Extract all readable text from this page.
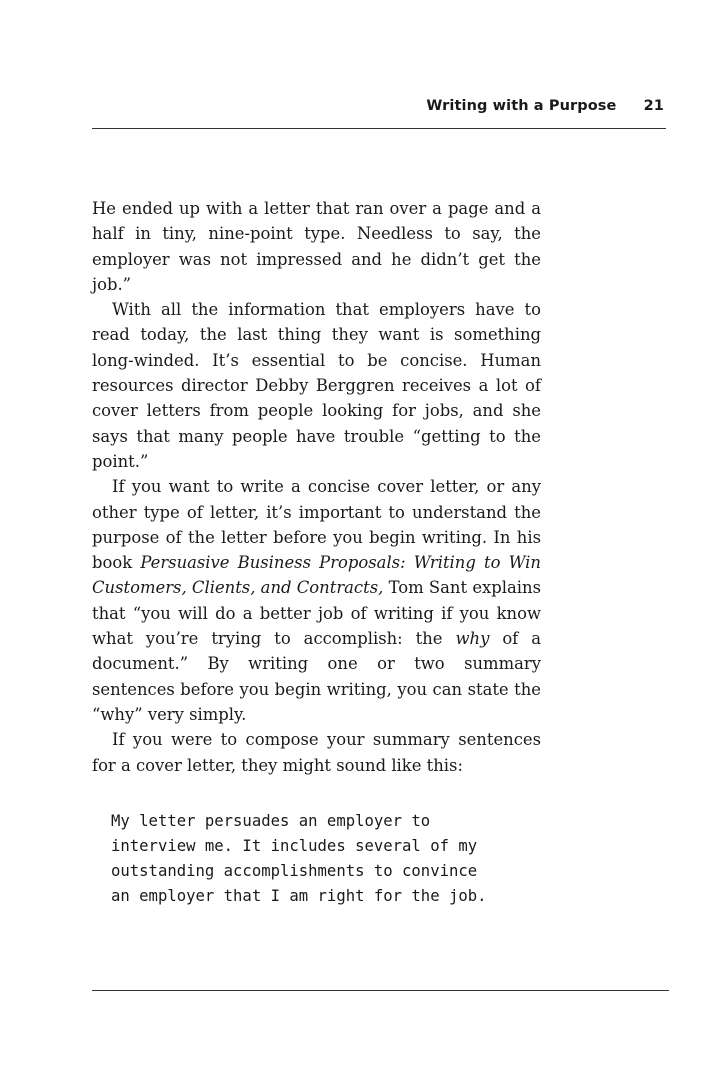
Writing with a Purpose 21

He ended up with a letter that ran over a page and a half in tiny, nine-point type. Needless to say, the employer was not impressed and he didn’t get the job.”

With all the information that employers have to read today, the last thing they want is something long-winded. It’s essential to be concise. Human resources director Debby Berggren receives a lot of cover letters from people looking for jobs, and she says that many people have trouble “getting to the point.”

If you want to write a concise cover letter, or any other type of letter, it’s important to understand the purpose of the letter before you begin writing. In his book Persuasive Business Proposals: Writing to Win Customers, Clients, and Contracts, Tom Sant explains that “you will do a better job of writing if you know what you’re trying to accomplish: the why of a document.” By writing one or two summary sentences before you begin writing, you can state the “why” very simply.

If you were to compose your summary sentences for a cover letter, they might sound like this:

My letter persuades an employer to
interview me. It includes several of my
outstanding accomplishments to convince
an employer that I am right for the job.
